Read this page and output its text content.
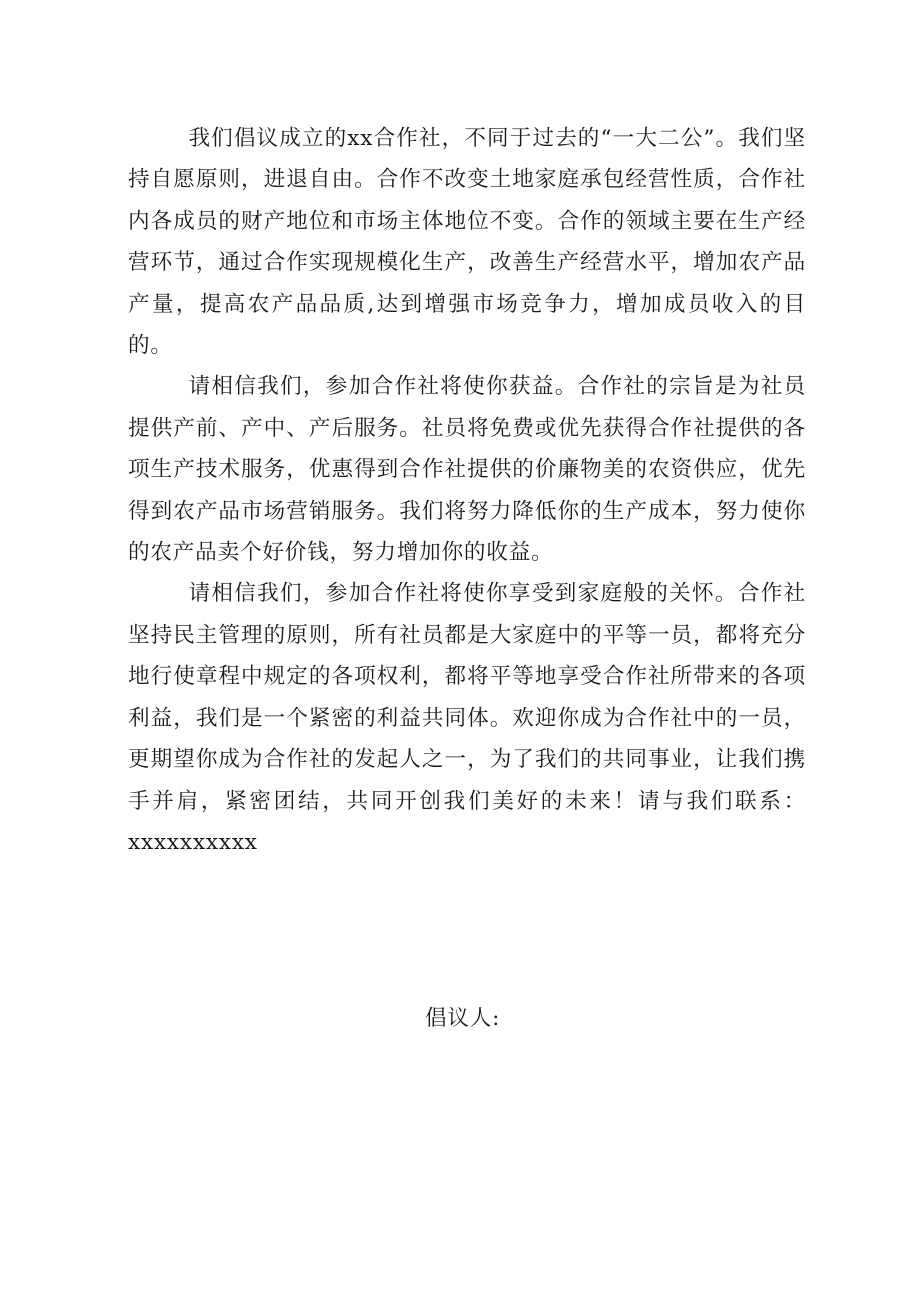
我们倡议成立的xx合作社，不同于过去的“一大二公”。我们坚持自愿原则，进退自由。合作不改变土地家庭承包经营性质，合作社内各成员的财产地位和市场主体地位不变。合作的领域主要在生产经营环节，通过合作实现规模化生产，改善生产经营水平，增加农产品产量，提高农产品品质,达到增强市场竞争力，增加成员收入的目的。

请相信我们，参加合作社将使你获益。合作社的宗旨是为社员提供产前、产中、产后服务。社员将免费或优先获得合作社提供的各项生产技术服务，优惠得到合作社提供的价廉物美的农资供应，优先得到农产品市场营销服务。我们将努力降低你的生产成本，努力使你的农产品卖个好价钱，努力增加你的收益。

请相信我们，参加合作社将使你享受到家庭般的关怀。合作社坚持民主管理的原则，所有社员都是大家庭中的平等一员，都将充分地行使章程中规定的各项权利，都将平等地享受合作社所带来的各项利益，我们是一个紧密的利益共同体。欢迎你成为合作社中的一员，更期望你成为合作社的发起人之一，为了我们的共同事业，让我们携手并肩，紧密团结，共同开创我们美好的未来！请与我们联系：xxxxxxxxxx

倡议人:
